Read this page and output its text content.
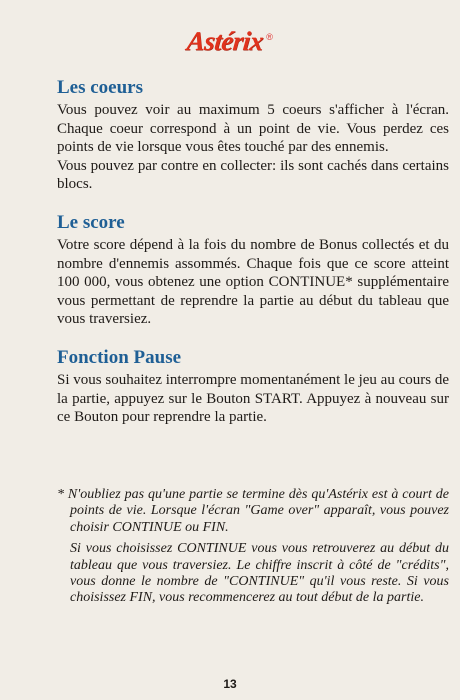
Astérix®
Les coeurs

Vous pouvez voir au maximum 5 coeurs s'afficher à l'écran. Chaque coeur correspond à un point de vie. Vous perdez ces points de vie lorsque vous êtes touché par des ennemis.

Vous pouvez par contre en collecter: ils sont cachés dans certains blocs.

Le score

Votre score dépend à la fois du nombre de Bonus collectés et du nombre d'ennemis assommés. Chaque fois que ce score atteint 100 000, vous obtenez une option CONTINUE* supplémentaire vous permettant de reprendre la partie au début du tableau que vous traversiez.

Fonction Pause

Si vous souhaitez interrompre momentanément le jeu au cours de la partie, appuyez sur le Bouton START. Appuyez à nouveau sur ce Bouton pour reprendre la partie.

* N'oubliez pas qu'une partie se termine dès qu'Astérix est à court de points de vie. Lorsque l'écran "Game over" apparaît, vous pouvez choisir CONTINUE ou FIN.

Si vous choisissez CONTINUE vous vous retrouverez au début du tableau que vous traversiez. Le chiffre inscrit à côté de "crédits", vous donne le nombre de "CONTINUE" qu'il vous reste. Si vous choisissez FIN, vous recommencerez au tout début de la partie.

13
